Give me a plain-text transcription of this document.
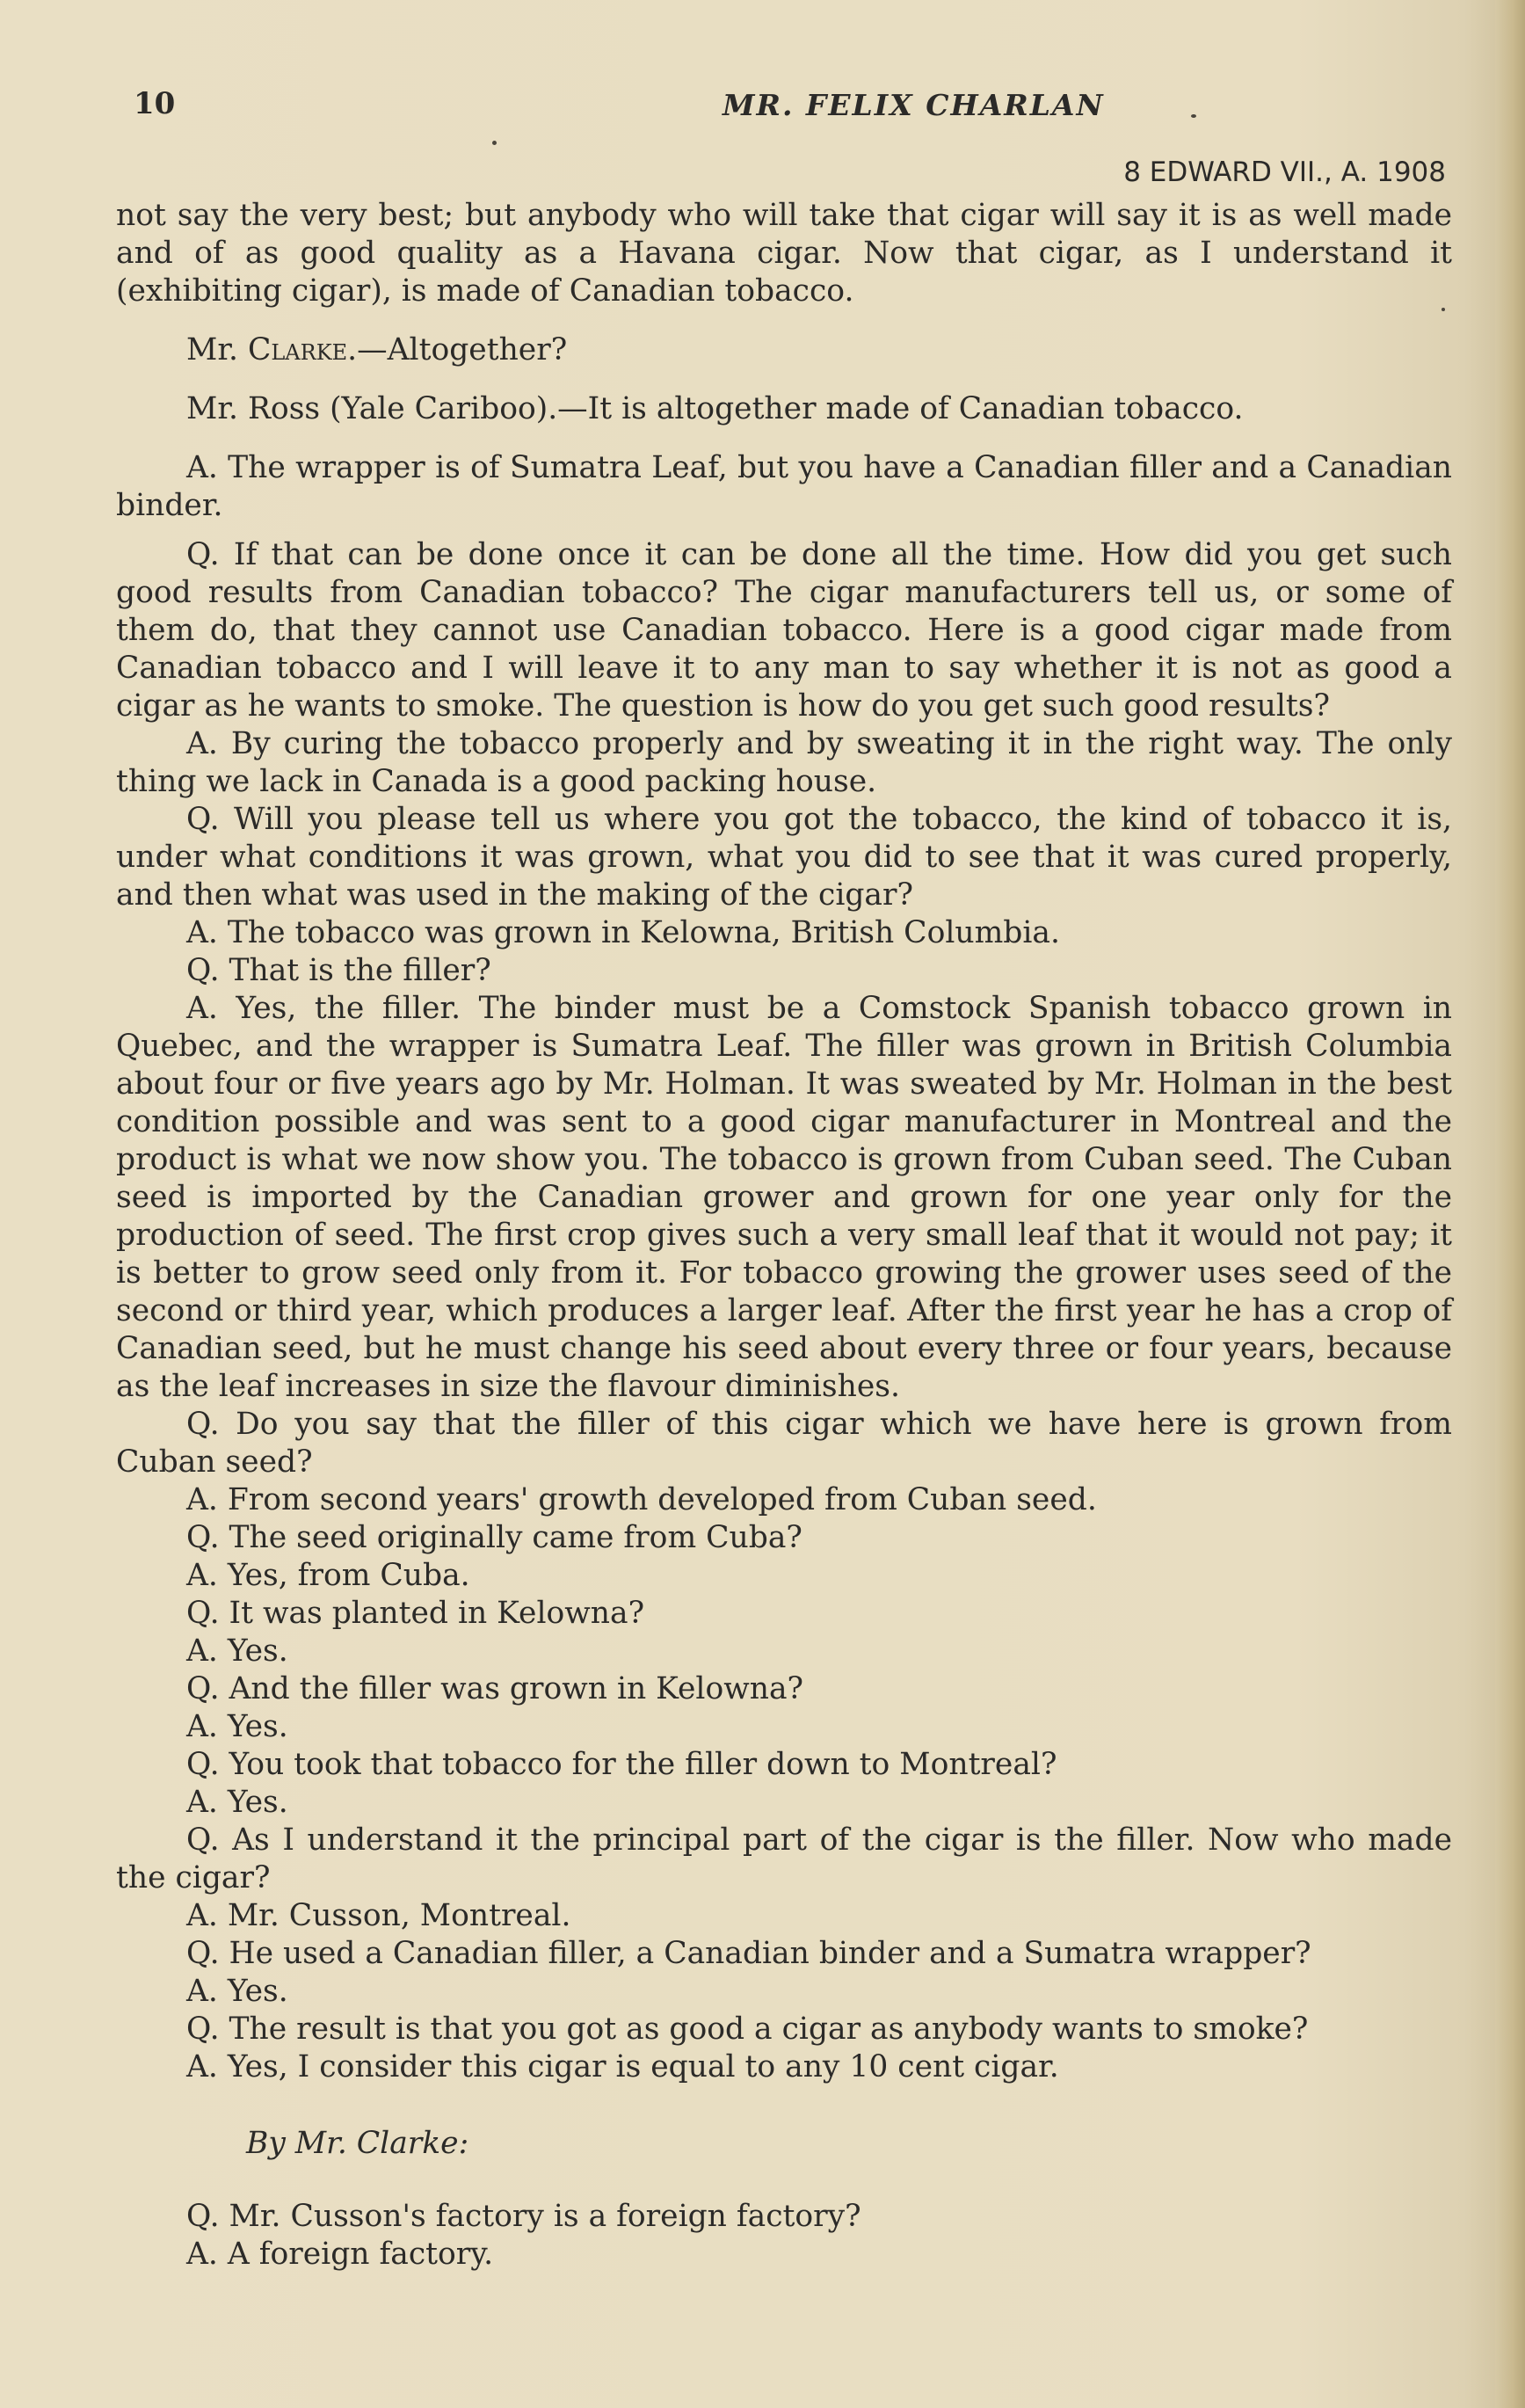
10	MR. FELIX CHARLAN
8 EDWARD VII., A. 1908

not say the very best; but anybody who will take that cigar will say it is as well made and of as good quality as a Havana cigar. Now that cigar, as I understand it (exhibiting cigar), is made of Canadian tobacco.

Mr. Clarke.—Altogether?

Mr. Ross (Yale Cariboo).—It is altogether made of Canadian tobacco.

A. The wrapper is of Sumatra Leaf, but you have a Canadian filler and a Canadian binder.

Q. If that can be done once it can be done all the time. How did you get such good results from Canadian tobacco? The cigar manufacturers tell us, or some of them do, that they cannot use Canadian tobacco. Here is a good cigar made from Canadian tobacco and I will leave it to any man to say whether it is not as good a cigar as he wants to smoke. The question is how do you get such good results?

A. By curing the tobacco properly and by sweating it in the right way. The only thing we lack in Canada is a good packing house.

Q. Will you please tell us where you got the tobacco, the kind of tobacco it is, under what conditions it was grown, what you did to see that it was cured properly, and then what was used in the making of the cigar?

A. The tobacco was grown in Kelowna, British Columbia.

Q. That is the filler?

A. Yes, the filler. The binder must be a Comstock Spanish tobacco grown in Quebec, and the wrapper is Sumatra Leaf. The filler was grown in British Columbia about four or five years ago by Mr. Holman. It was sweated by Mr. Holman in the best condition possible and was sent to a good cigar manufacturer in Montreal and the product is what we now show you. The tobacco is grown from Cuban seed. The Cuban seed is imported by the Canadian grower and grown for one year only for the production of seed. The first crop gives such a very small leaf that it would not pay; it is better to grow seed only from it. For tobacco growing the grower uses seed of the second or third year, which produces a larger leaf. After the first year he has a crop of Canadian seed, but he must change his seed about every three or four years, because as the leaf increases in size the flavour diminishes.

Q. Do you say that the filler of this cigar which we have here is grown from Cuban seed?

A. From second years' growth developed from Cuban seed.

Q. The seed originally came from Cuba?

A. Yes, from Cuba.

Q. It was planted in Kelowna?

A. Yes.

Q. And the filler was grown in Kelowna?

A. Yes.

Q. You took that tobacco for the filler down to Montreal?

A. Yes.

Q. As I understand it the principal part of the cigar is the filler. Now who made the cigar?

A. Mr. Cusson, Montreal.

Q. He used a Canadian filler, a Canadian binder and a Sumatra wrapper?

A. Yes.

Q. The result is that you got as good a cigar as anybody wants to smoke?

A. Yes, I consider this cigar is equal to any 10 cent cigar.

By Mr. Clarke:

Q. Mr. Cusson's factory is a foreign factory?

A. A foreign factory.
